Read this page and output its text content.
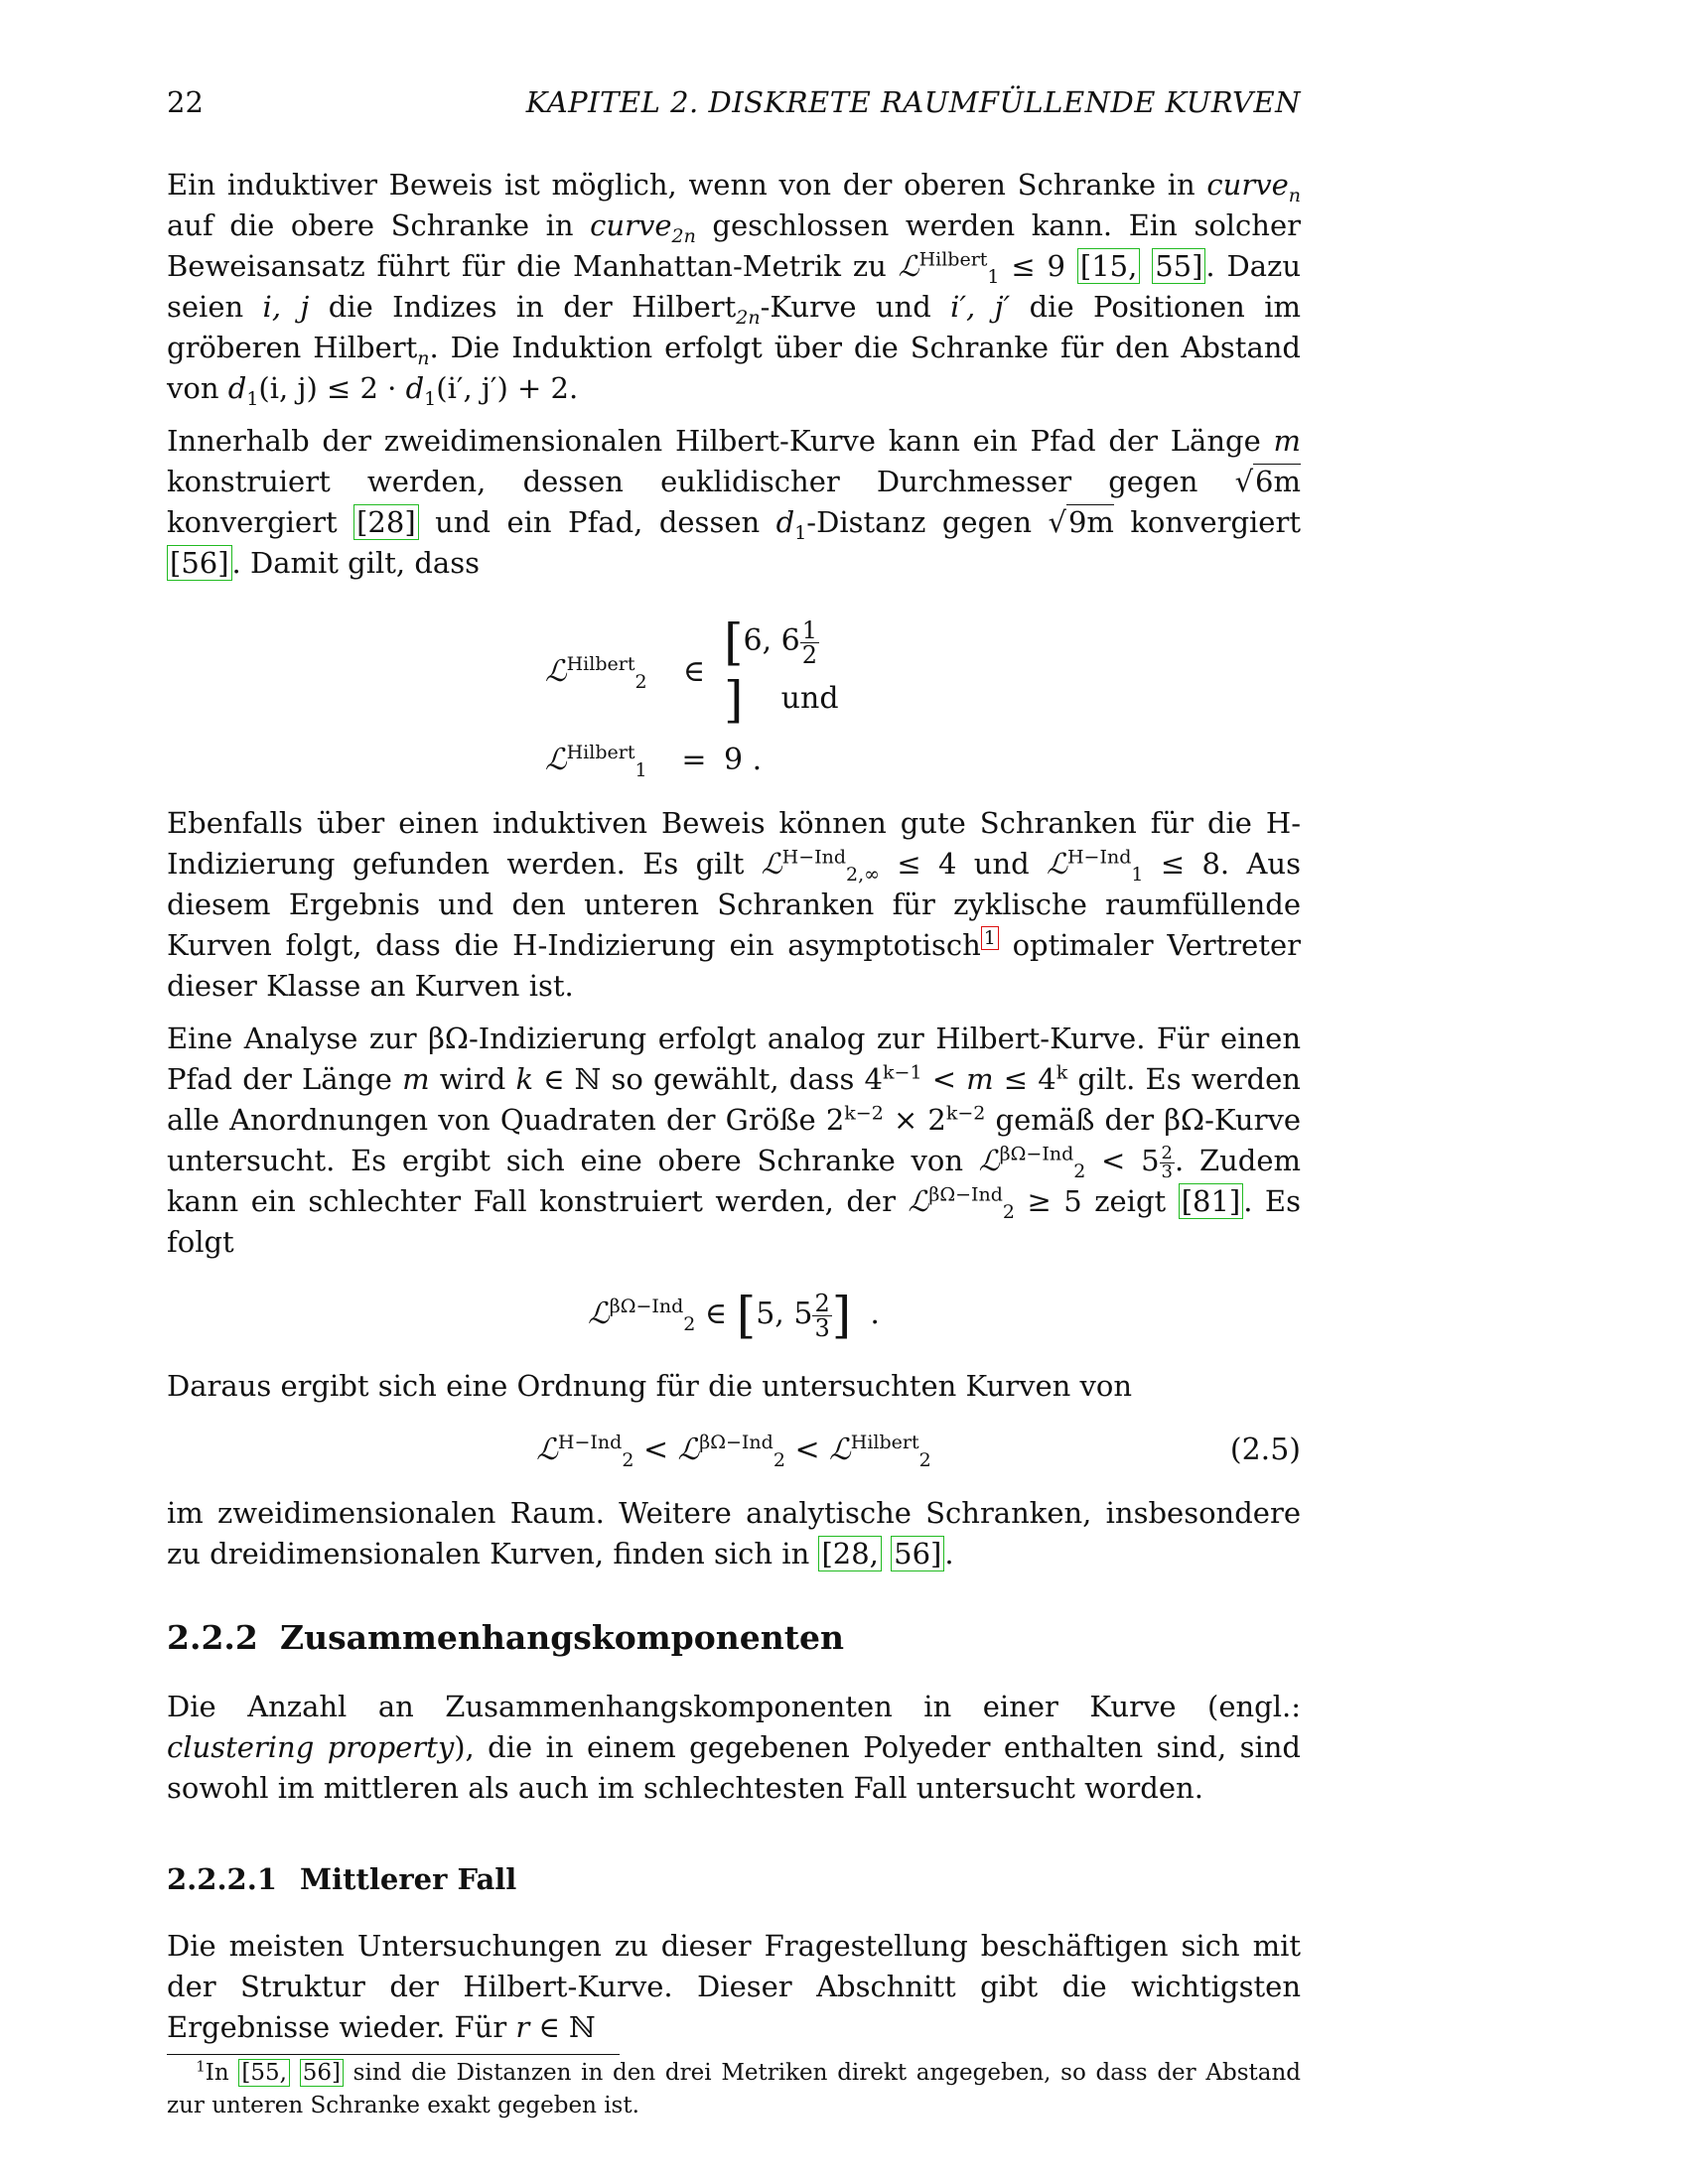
22	KAPITEL 2. DISKRETE RAUMFÜLLENDE KURVEN

Ein induktiver Beweis ist möglich, wenn von der oberen Schranke in curve$_n$ auf die obere Schranke in curve$_{2n}$ geschlossen werden kann. Ein solcher Beweisansatz führt für die Manhattan-Metrik zu ℒ$^{Hilbert}_1$ ≤ 9 [15, 55] . Dazu seien i, j die Indizes in der Hilbert$_{2n}$-Kurve und i′, j′ die Positionen im gröberen Hilbert$_n$. Die Induktion erfolgt über die Schranke für den Abstand von $d_1(i$, $j) \le 2 \cdot d_1(i'$, j′) + 2.

Innerhalb der zweidimensionalen Hilbert-Kurve kann ein Pfad der Länge m konstruiert werden, dessen euklidischer Durchmesser gegen √6m konvergiert [28] und ein Pfad, dessen $d_1$-Distanz gegen √9m konvergiert [56] . Damit gilt, dass

ℒ$^{Hilbert}_2$	∈ [6, $6 \frac{1}{2}$
] und
ℒ$^{Hilbert}_1$	= 9 .

Ebenfalls über einen induktiven Beweis können gute Schranken für die H-Indizierung gefunden werden. Es gilt ℒ$^{H-Ind}_{2,\infty}$ ≤ 4 und ℒ$^{H-Ind}_1$ ≤ 8. Aus diesem Ergebnis und den unteren Schranken für zyklische raumfüllende Kurven folgt, dass die H-Indizierung ein asymptotisch $^1$ optimaler Vertreter dieser Klasse an Kurven ist.

Eine Analyse zur βΩ-Indizierung erfolgt analog zur Hilbert-Kurve. Für einen Pfad der Länge m wird k ∈ ℕ so gewählt, dass $4^{k-1} < m \le 4^k$ gilt. Es werden alle Anordnungen von Quadraten der Größe $2^{k-2} \times 2^{k-2}$ gemäß der βΩ-Kurve untersucht. Es ergibt sich eine obere Schranke von ℒ$^{\beta\Omega-Ind}_2$ < $5 \frac{2}{3}$ . Zudem kann ein schlechter Fall konstruiert werden, der ℒ$^{\beta\Omega-Ind}_2$ ≥ 5 zeigt [81] . Es folgt

ℒ$^{\beta\Omega-Ind}_2$ ∈ [5, $5 \frac{2}{3}$ ] .

Daraus ergibt sich eine Ordnung für die untersuchten Kurven von

ℒ$^{H-Ind}_2$ < ℒ$^{\beta\Omega-Ind}_2$ < ℒ$^{Hilbert}_2$	(2.5)

im zweidimensionalen Raum. Weitere analytische Schranken, insbesondere zu dreidimensionalen Kurven, finden sich in [28, 56] .

2.2.2 Zusammenhangskomponenten

Die Anzahl an Zusammenhangskomponenten in einer Kurve (engl.: clustering property), die in einem gegebenen Polyeder enthalten sind, sind sowohl im mittleren als auch im schlechtesten Fall untersucht worden.

2.2.2.1 Mittlerer Fall

Die meisten Untersuchungen zu dieser Fragestellung beschäftigen sich mit der Struktur der Hilbert-Kurve. Dieser Abschnitt gibt die wichtigsten Ergebnisse wieder. Für r ∈ ℕ

$^1$In [55, 56] sind die Distanzen in den drei Metriken direkt angegeben, so dass der Abstand zur unteren Schranke exakt gegeben ist.
